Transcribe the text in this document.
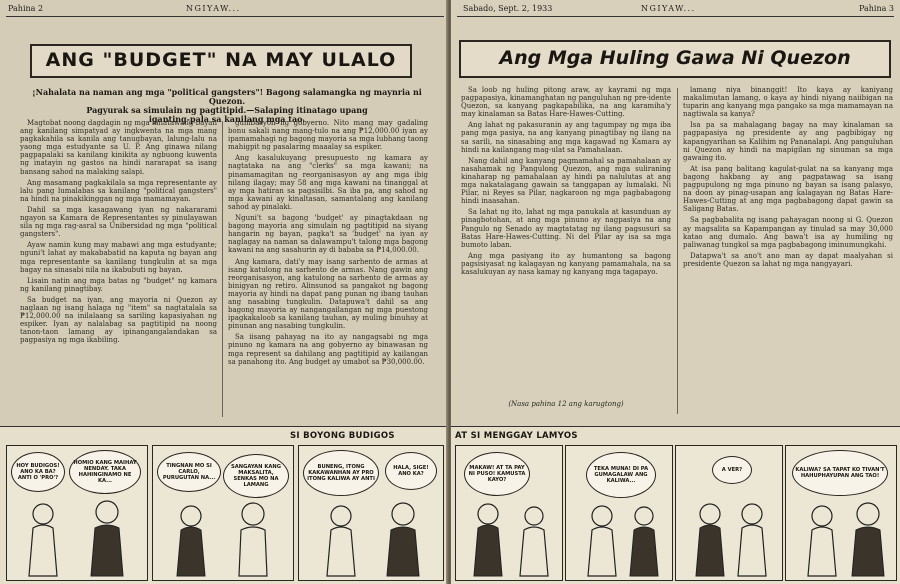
Pahina 2	NGIYAW...
ANG "BUDGET" NA MAY ULALO
¡Nahalata na naman ang mga "political gangsters"! Bagong salamangka ng maynria ni Quezon.
Pagyurak sa simulain ng pagtitipid.—Salaping itinatago upang
iganting-pala sa kanilang mga tao.

Magtobat noong dagdagin ng mga kinatawang-bayan ang kanilang simpatyad ay ingkwenta na mga mang pagkakahila sa kanila ang tanugbayan, lalung-lalu na yaong mga estudyante sa U. P. Ang ginawa nilang pagpapalaki sa kanilang kinikita ay ngbuong kuwenta ng inatayin ng gastos na hindi nararapat sa isang bansang sahod na malaking salapi.

Ang masamang pagkakilala sa mga representante ay lalu pang lumalabas sa kanilang "political gangsters" na hindi na pinakikinggan ng mga mamamayan.

Dahil sa mga kasagawang iyan ng nakararami ngayon sa Kamara de Representantes sy pinulayawan sila ng mga rag-asral sa Unibersidad ng mga "political gangsters".

Ayaw namin kung may mabawi ang mga estudyante; nguni't lahat ay makababatid na kaputa ng bayan ang mga representante sa kanilang tungkulin at sa mga bagay na sinasabi nila na ikabubuti ng bayan.

Lisain natin ang mga batas ng "budget" ng kamara ng kanilang pinagtibay.

Sa budget na iyan, ang mayoria ni Quezon ay naglaan ng isang halaga ng "item" sa nagtatalala sa ₱12,000.00 na inilalaang sa sariling kapasiyahan ng espiker. Iyan ay nalalabag sa pagtitipid na noong tanon-taon lamang ay ipinangangalandakan sa pagpasiya ng mga ikabiling.

gumbasyon ng gobyerno. Nito mang may gadaling bonu sakali nang mang-tulo na ang ₱12,000.00 iyan ay ipamamahagi ng bagong mayoria sa mga lubhang taong mahigpit ng pasalaring maaalay sa espiker.

Ang kasalukuyang presupuesto ng kamara ay nagtataka na ang "clerks" sa mga kawani; na pinamamagitan ng reorganisasyon ay ang mga ibig nilang ilagay; may 58 ang mga kawani na tinanggal at ay mga hatiran sa pagsisilbi. Sa iba pa, ang sahod ng mga kawani ay kinaltasan, samantalang ang kanilang sahod ay pinalaki.

Nguni't sa bagong 'budget' ay pinagtakdaan ng bagong mayoria ang simulain ng pagtitipid na siyang hangarin ng bayan, pagka't sa 'budget' na iyan ay naglagay na naman sa dalawampu't talong mga bagong kawani na ang sasahurin ay di bababa sa ₱14,000.00.

Ang kamara, dati'y may isang sarhento de armas at isang katulong na sarhento de armas. Nang gawin ang reorganisasyon, ang katulong na sarhento de armas ay binigyan ng retiro. Alinsunod sa pangakot ng bagong mayoria ay hindi na dapat pang punan ng ibang tauhan ang nasabing tungkulin. Datapuwa't dahil sa ang bagong mayoria ay nangangailangan ng mga puestong ipagkakaloob sa kanilang tauhan, ay muling binuhay at pinunan ang nasabing tungkulin.

Sa iisang pahayag na ito ay nangagsabi ng mga pinuno ng kamara na ang gobyerno ay binawasan ng mga represent sa dahilang ang pagtitipid ay kailangan sa panahong ito. Ang budget ay umabot sa ₱30,000.00.

SI BOYONG BUDIGOS
HOY BUDIGOS! ANO KA BA? ANTI O 'PRO'?
HOMIO KANG MAIHAY NENDAY. TAKA HAHINGINAMO NE KA...
TINGNAN MO SI CARLO, PURUGUTAN NA...
SANGAYAN KANG MAKSALITA, SENKAS MO NA LAMANG
BUNENG, ITONG KAKAWANHAN AY PRO ITONG KALIWA AY ANTI
HALA, SIGE! ANO KA?
Sabado, Sept. 2, 1933	NGIYAW...	Pahina 3
Ang Mga Huling Gawa Ni Quezon

Sa loob ng huling pitong araw, ay kayrami ng mga pagpapasiya, kinamanghatan ng panguluhan ng pre-idente Quezon, sa kanyang pagkapabilika, na ang karamiha'y may kinalaman sa Batas Hare-Hawes-Cutting.

Ang lahat ng pakasuranin ay ang tagumpay ng mga iba pang mga pasiya, na ang kanyang pinagtibay ng ilang na sa sarili, na sinasabing ang mga kagawad ng Kamara ay hindi na kailangang mag-ulat sa Pamahalaan.

Nang dahil ang kanyang pagmamahal sa pamahalaan ay nasahamak ng Pangulong Quezon, ang mga suliraning kinaharap ng pamahalaan ay hindi pa nalulutas at ang mga nakatalagang gawain sa tanggapan ay lumalaki. Ni Pilar, ni Reyes sa Pilar, nagkaroon ng mga pagbabagong hindi inaasahan.

Sa lahat ng ito, lahat ng mga panukala at kasunduan ay pinagbotohan, at ang mga pinuno ay nagpasiya na ang Pangulo ng Senado ay magtatatag ng ilang pagsusuri sa Batas Hare-Hawes-Cutting. Ni del Pilar ay isa sa mga bumoto laban.

Ang mga pasiyang ito ay humantong sa bagong pagsisiyasat ng kalagayan ng kanyang pamamahala, na sa kasalukuyan ay nasa kamay ng kanyang mga tagapayo.

lamang niya binanggit! Ito kaya ay kaniyang makalimutan lamang, o kaya ay hindi niyang naiibigan na tuparin ang kanyang mga pangako sa mga mamamayan na nagtiwala sa kanya?

Isa pa sa mahalagang bagay na may kinalaman sa pagpapasiya ng presidente ay ang pagbibigay ng kapangyarihan sa Kalihim ng Pananalapi. Ang panguluhan ni Quezon ay hindi na mapigilan ng sinuman sa mga gawaing ito.

At isa pang balitang kagulat-gulat na sa kanyang mga bagong hakbang ay ang pagpatawag sa isang pagpupulong ng mga pinuno ng bayan sa isang palasyo, na doon ay pinag-usapan ang kalagayan ng Batas Hare-Hawes-Cutting at ang mga pagbabagong dapat gawin sa Saligang Batas.

Sa pagbabalita ng isang pahayagan noong si G. Quezon ay magsalita sa Kapampangan ay tinulad sa may 30,000 katao ang dumalo. Ang bawa't isa ay humiling ng paliwanag tungkol sa mga pagbabagong iminumungkahi.

Datapwa't sa ano't ano man ay dapat maalyahan si presidente Quezon sa lahat ng mga nangyayari.

(Nasa pahina 12 ang karugtong)
AT SI MENGGAY LAMYOS
MAKAW! AT TA PAY NI PUSO! KAMUSTA KAYO?
TEKA MUNA! DI PA GUMAGALAW ANG KALIWA...
A VER?	KALIWA? SA TAPAT KO TIVAN'T HAHUPHAYUPAN ANG TAO!
